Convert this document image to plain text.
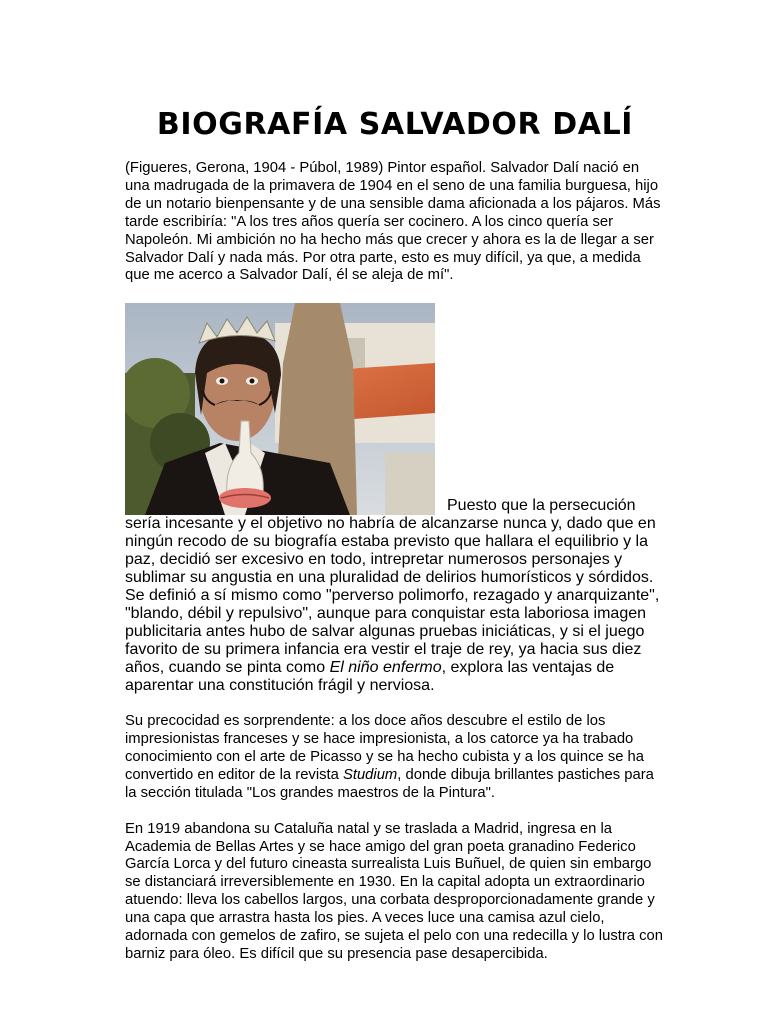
BIOGRAFÍA SALVADOR DALÍ

(Figueres, Gerona, 1904 - Púbol, 1989) Pintor español. Salvador Dalí nació en una madrugada de la primavera de 1904 en el seno de una familia burguesa, hijo de un notario bienpensante y de una sensible dama aficionada a los pájaros. Más tarde escribiría: "A los tres años quería ser cocinero. A los cinco quería ser Napoleón. Mi ambición no ha hecho más que crecer y ahora es la de llegar a ser Salvador Dalí y nada más. Por otra parte, esto es muy difícil, ya que, a medida que me acerco a Salvador Dalí, él se aleja de mí".

Puesto que la persecución sería incesante y el objetivo no habría de alcanzarse nunca y, dado que en ningún recodo de su biografía estaba previsto que hallara el equilibrio y la paz, decidió ser excesivo en todo, intrepretar numerosos personajes y sublimar su angustia en una pluralidad de delirios humorísticos y sórdidos. Se definió a sí mismo como "perverso polimorfo, rezagado y anarquizante", "blando, débil y repulsivo", aunque para conquistar esta laboriosa imagen publicitaria antes hubo de salvar algunas pruebas iniciáticas, y si el juego favorito de su primera infancia era vestir el traje de rey, ya hacia sus diez años, cuando se pinta como El niño enfermo, explora las ventajas de aparentar una constitución frágil y nerviosa.

Su precocidad es sorprendente: a los doce años descubre el estilo de los impresionistas franceses y se hace impresionista, a los catorce ya ha trabado conocimiento con el arte de Picasso y se ha hecho cubista y a los quince se ha convertido en editor de la revista Studium, donde dibuja brillantes pastiches para la sección titulada "Los grandes maestros de la Pintura".

En 1919 abandona su Cataluña natal y se traslada a Madrid, ingresa en la Academia de Bellas Artes y se hace amigo del gran poeta granadino Federico García Lorca y del futuro cineasta surrealista Luis Buñuel, de quien sin embargo se distanciará irreversiblemente en 1930. En la capital adopta un extraordinario atuendo: lleva los cabellos largos, una corbata desproporcionadamente grande y una capa que arrastra hasta los pies. A veces luce una camisa azul cielo, adornada con gemelos de zafiro, se sujeta el pelo con una redecilla y lo lustra con barniz para óleo. Es difícil que su presencia pase desapercibida.
